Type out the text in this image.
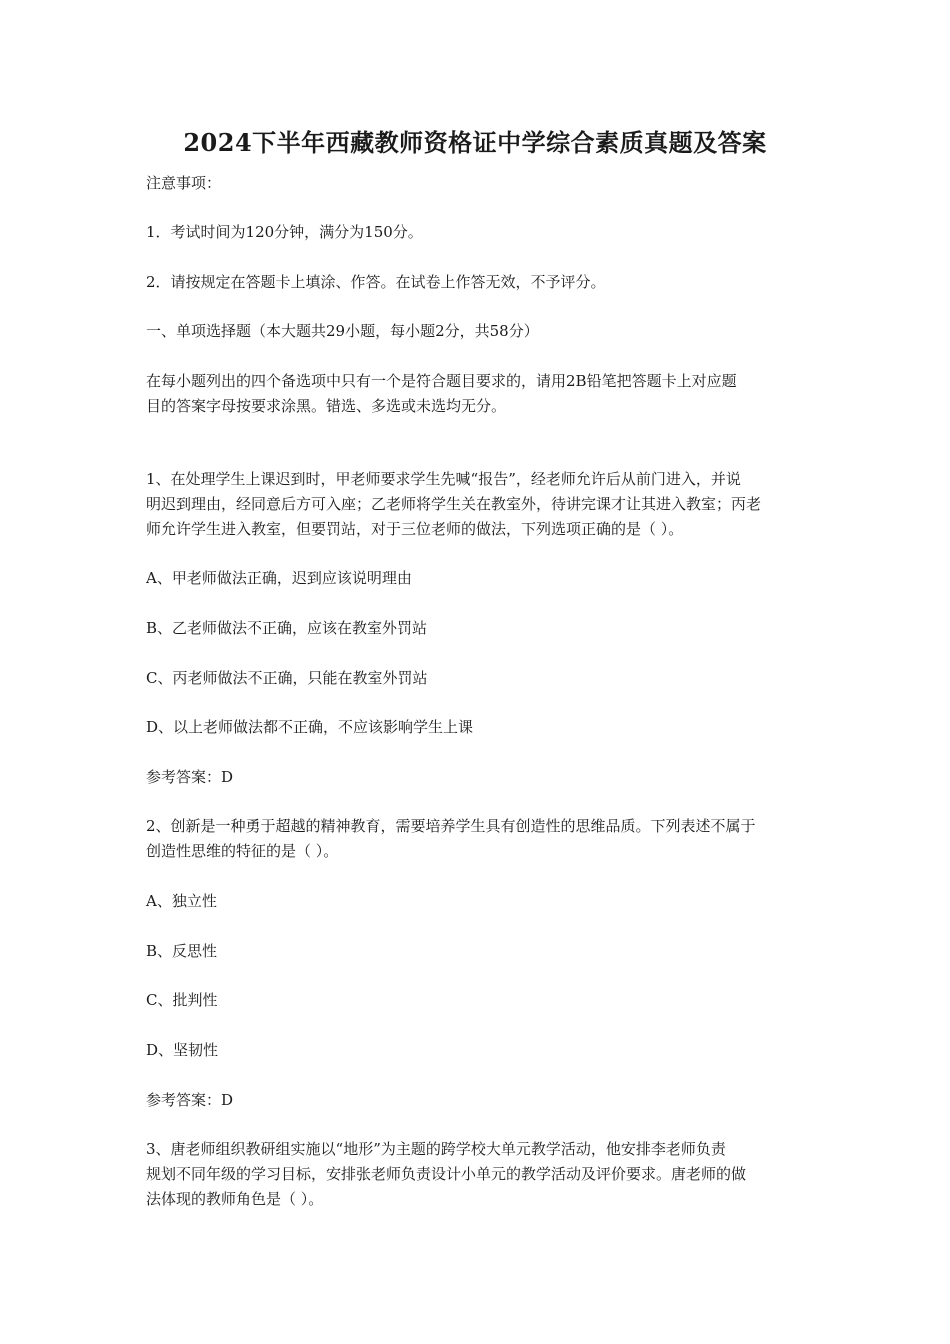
2024下半年西藏教师资格证中学综合素质真题及答案

注意事项：

1．考试时间为120分钟，满分为150分。

2．请按规定在答题卡上填涂、作答。在试卷上作答无效，不予评分。

一、单项选择题（本大题共29小题，每小题2分，共58分）

在每小题列出的四个备选项中只有一个是符合题目要求的，请用2B铅笔把答题卡上对应题

目的答案字母按要求涂黑。错选、多选或未选均无分。

1、在处理学生上课迟到时，甲老师要求学生先喊“报告”，经老师允许后从前门进入，并说

明迟到理由，经同意后方可入座；乙老师将学生关在教室外，待讲完课才让其进入教室；丙老

师允许学生进入教室，但要罚站，对于三位老师的做法，下列选项正确的是（ ）。

A、甲老师做法正确，迟到应该说明理由

B、乙老师做法不正确，应该在教室外罚站

C、丙老师做法不正确，只能在教室外罚站

D、以上老师做法都不正确，不应该影响学生上课

参考答案：D

2、创新是一种勇于超越的精神教育，需要培养学生具有创造性的思维品质。下列表述不属于

创造性思维的特征的是（ ）。

A、独立性

B、反思性

C、批判性

D、坚韧性

参考答案：D

3、唐老师组织教研组实施以“地形”为主题的跨学校大单元教学活动，他安排李老师负责

规划不同年级的学习目标，安排张老师负责设计小单元的教学活动及评价要求。唐老师的做

法体现的教师角色是（ ）。
